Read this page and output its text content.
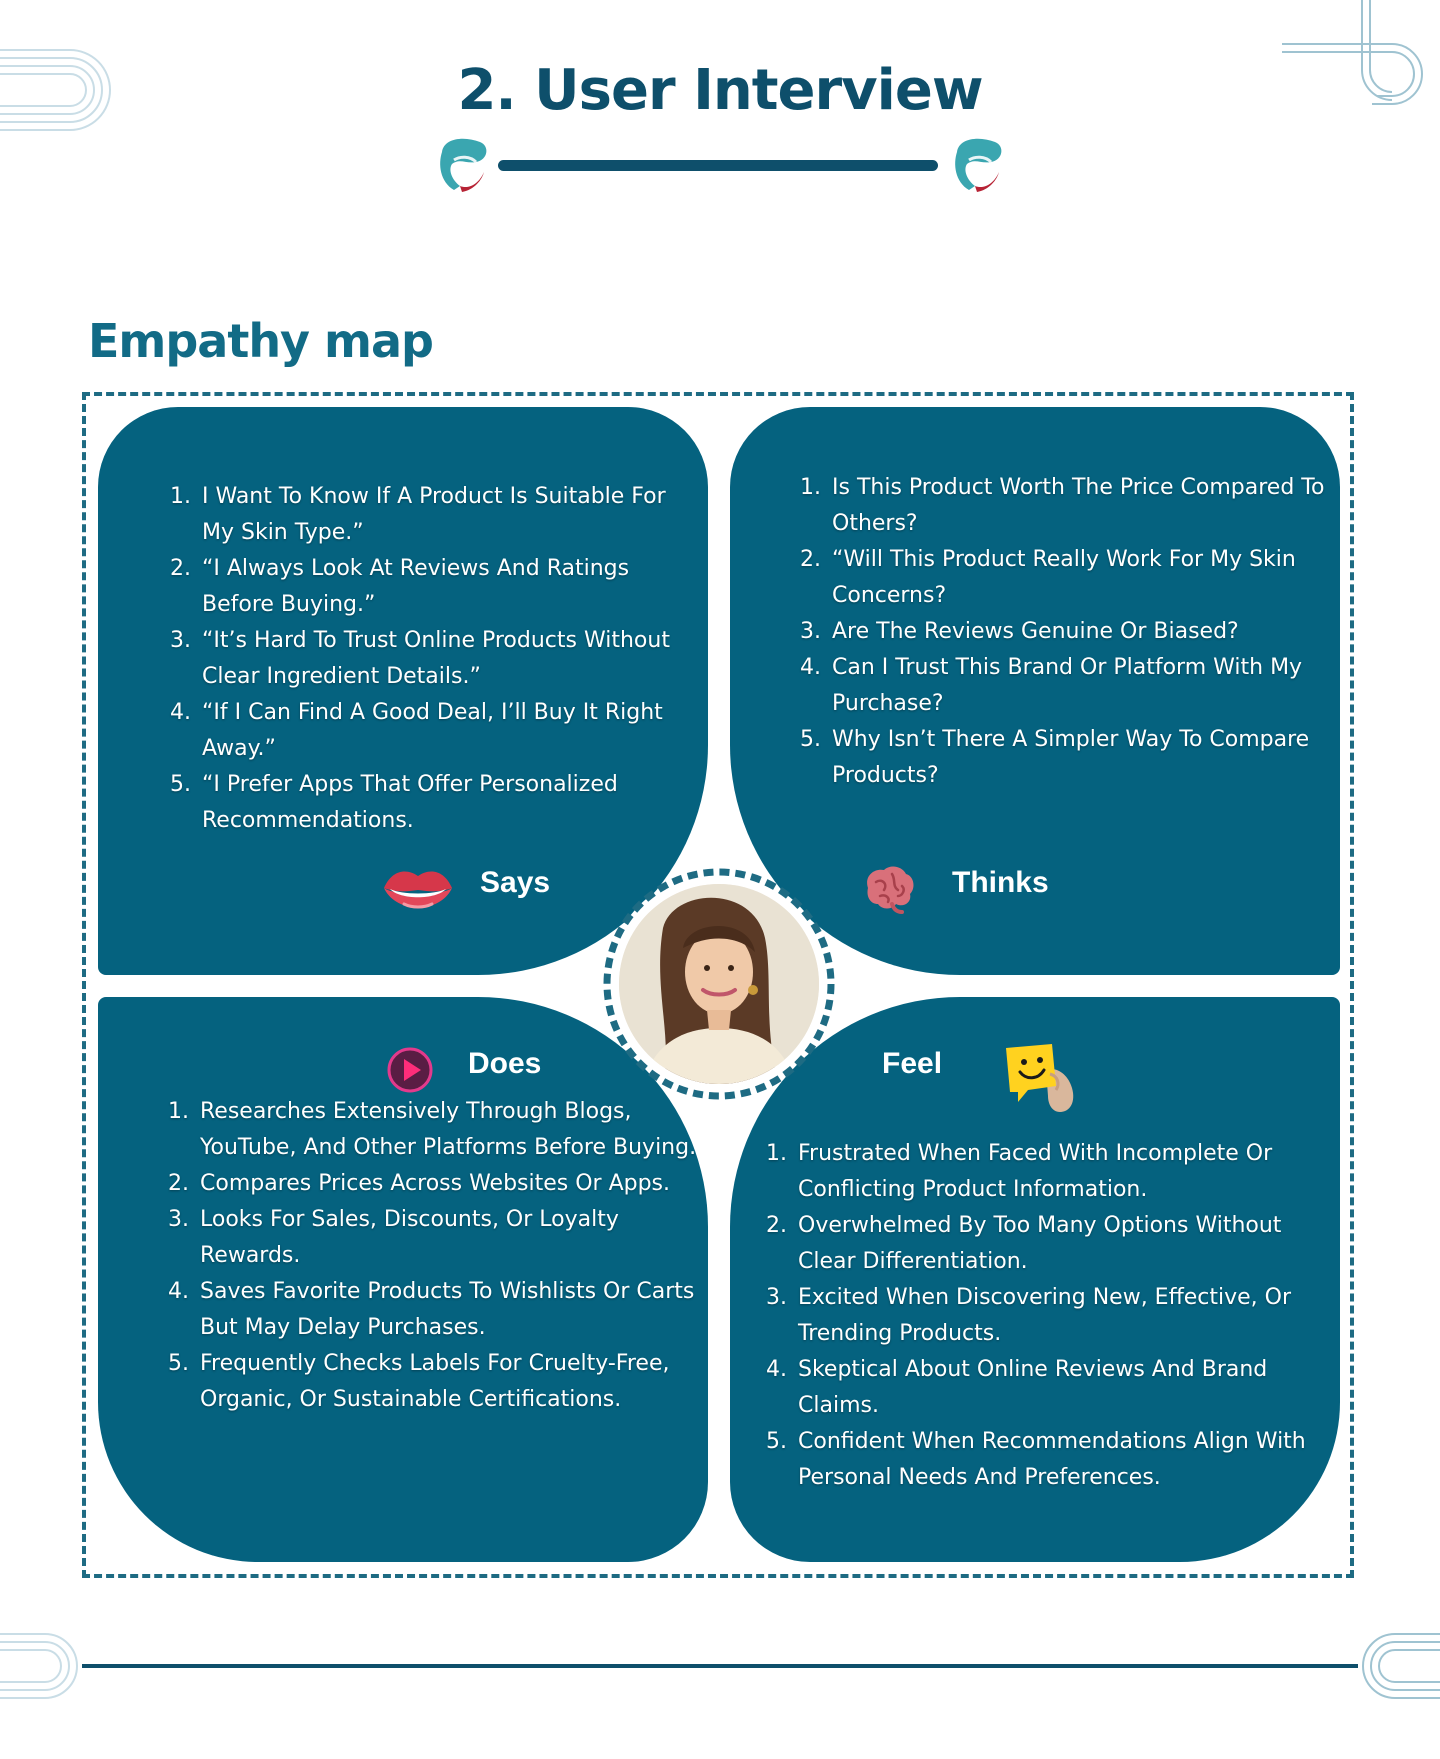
2. User Interview
Empathy map
1. I Want To Know If A Product Is Suitable For My Skin Type.”
2. “I Always Look At Reviews And Ratings Before Buying.”
3. “It’s Hard To Trust Online Products Without Clear Ingredient Details.”
4. “If I Can Find A Good Deal, I’ll Buy It Right Away.”
5. “I Prefer Apps That Offer Personalized Recommendations.
Says
1. Is This Product Worth The Price Compared To Others?
2. “Will This Product Really Work For My Skin Concerns?
3. Are The Reviews Genuine Or Biased?
4. Can I Trust This Brand Or Platform With My Purchase?
5. Why Isn’t There A Simpler Way To Compare Products?
Thinks
Does
1. Researches Extensively Through Blogs, YouTube, And Other Platforms Before Buying.
2. Compares Prices Across Websites Or Apps.
3. Looks For Sales, Discounts, Or Loyalty Rewards.
4. Saves Favorite Products To Wishlists Or Carts But May Delay Purchases.
5. Frequently Checks Labels For Cruelty-Free, Organic, Or Sustainable Certifications.
Feel
1. Frustrated When Faced With Incomplete Or Conflicting Product Information.
2. Overwhelmed By Too Many Options Without Clear Differentiation.
3. Excited When Discovering New, Effective, Or Trending Products.
4. Skeptical About Online Reviews And Brand Claims.
5. Confident When Recommendations Align With Personal Needs And Preferences.
